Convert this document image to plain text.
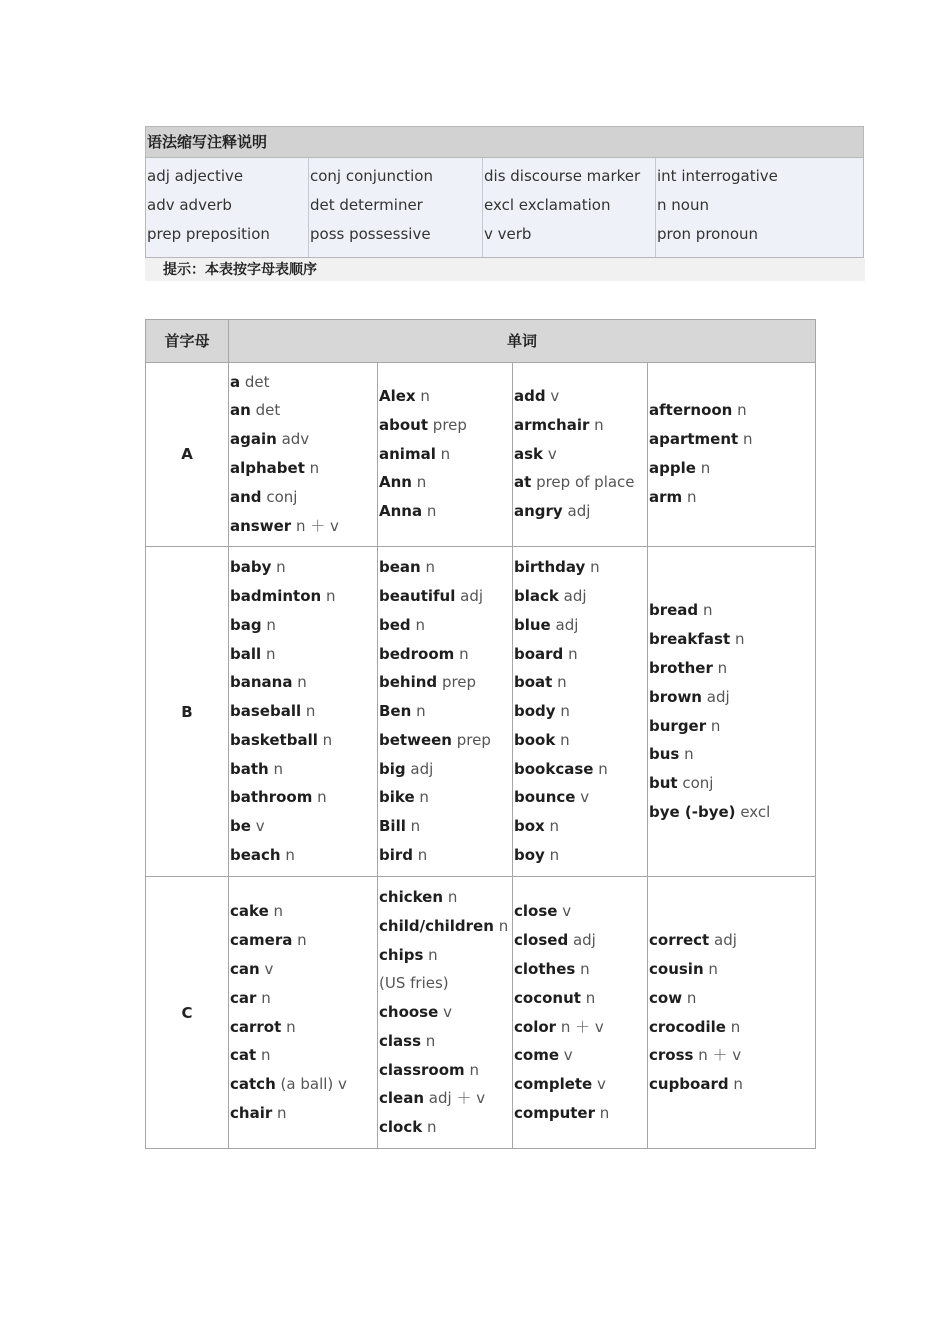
语法缩写注释说明
adj adjective
adv adverb
prep preposition
conj conjunction
det determiner
poss possessive
dis discourse marker
excl exclamation
v verb
int interrogative
n noun
pron pronoun
提示：本表按字母表顺序
首字母	单词
A
a det
an det
again adv
alphabet n
and conj
answer n ＋ v
Alex n
about prep
animal n
Ann n
Anna n
add v
armchair n
ask v
at prep of place
angry adj
afternoon n
apartment n
apple n
arm n
B
baby n
badminton n
bag n
ball n
banana n
baseball n
basketball n
bath n
bathroom n
be v
beach n
bean n
beautiful adj
bed n
bedroom n
behind prep
Ben n
between prep
big adj
bike n
Bill n
bird n
birthday n
black adj
blue adj
board n
boat n
body n
book n
bookcase n
bounce v
box n
boy n
bread n
breakfast n
brother n
brown adj
burger n
bus n
but conj
bye (-bye) excl
C
cake n
camera n
can v
car n
carrot n
cat n
catch (a ball) v
chair n
chicken n
child/children n
chips n
(US fries)
choose v
class n
classroom n
clean adj ＋ v
clock n
close v
closed adj
clothes n
coconut n
color n ＋ v
come v
complete v
computer n
correct adj
cousin n
cow n
crocodile n
cross n ＋ v
cupboard n
